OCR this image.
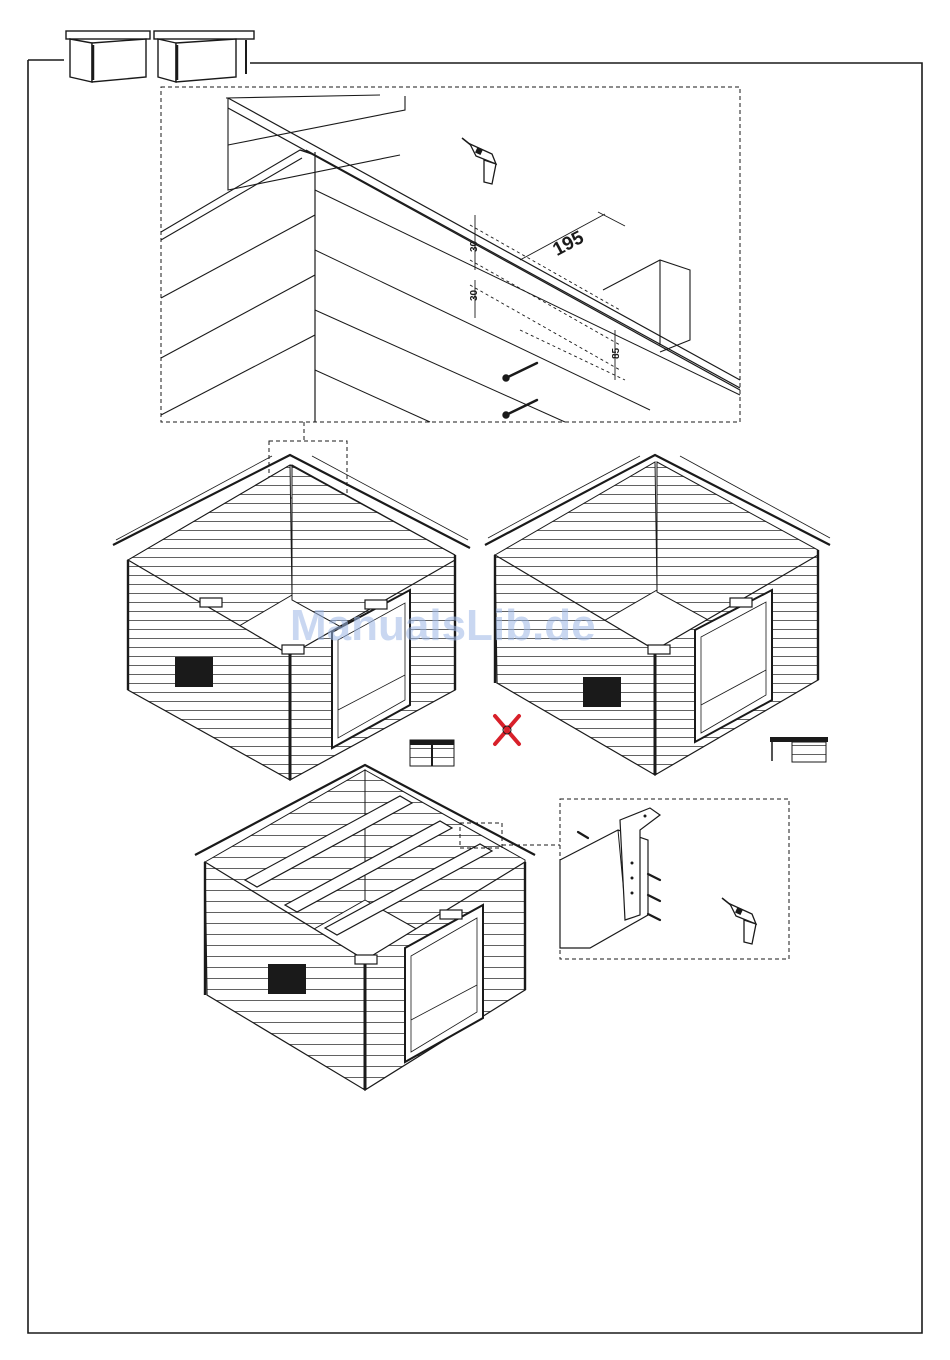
195
30
30
85
ManualsLib.de
